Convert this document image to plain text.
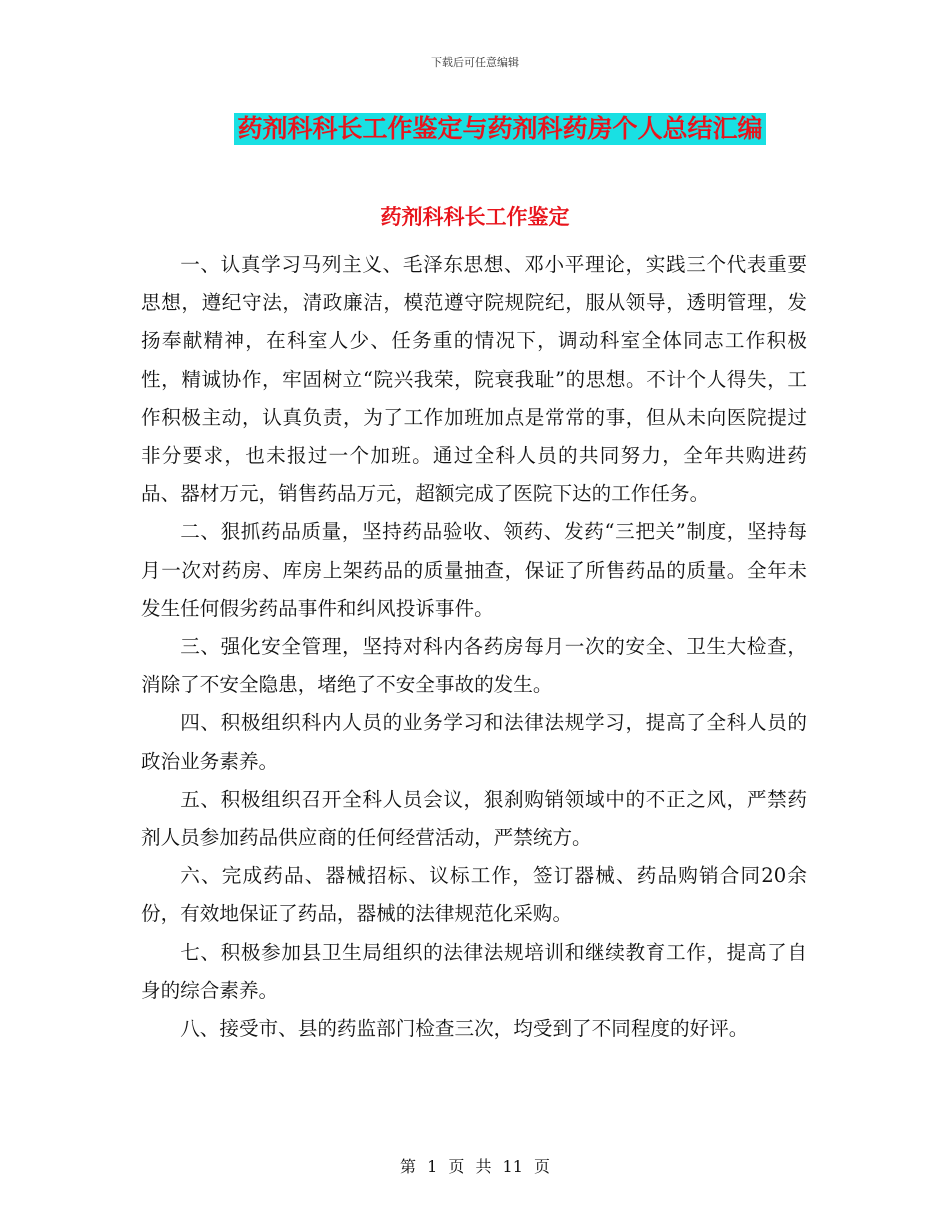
下载后可任意编辑
药剂科科长工作鉴定与药剂科药房个人总结汇编
药剂科科长工作鉴定

一、认真学习马列主义、毛泽东思想、邓小平理论，实践三个代表重要思想，遵纪守法，清政廉洁，模范遵守院规院纪，服从领导，透明管理，发扬奉献精神，在科室人少、任务重的情况下，调动科室全体同志工作积极性，精诚协作，牢固树立“院兴我荣，院衰我耻”的思想。不计个人得失，工作积极主动，认真负责，为了工作加班加点是常常的事，但从未向医院提过非分要求，也未报过一个加班。通过全科人员的共同努力，全年共购进药品、器材万元，销售药品万元，超额完成了医院下达的工作任务。

二、狠抓药品质量，坚持药品验收、领药、发药“三把关”制度，坚持每月一次对药房、库房上架药品的质量抽查，保证了所售药品的质量。全年未发生任何假劣药品事件和纠风投诉事件。

三、强化安全管理，坚持对科内各药房每月一次的安全、卫生大检查，消除了不安全隐患，堵绝了不安全事故的发生。

四、积极组织科内人员的业务学习和法律法规学习，提高了全科人员的政治业务素养。

五、积极组织召开全科人员会议，狠刹购销领域中的不正之风，严禁药剂人员参加药品供应商的任何经营活动，严禁统方。

六、完成药品、器械招标、议标工作，签订器械、药品购销合同20余份，有效地保证了药品，器械的法律规范化采购。

七、积极参加县卫生局组织的法律法规培训和继续教育工作，提高了自身的综合素养。

八、接受市、县的药监部门检查三次，均受到了不同程度的好评。

第 1 页 共 11 页
